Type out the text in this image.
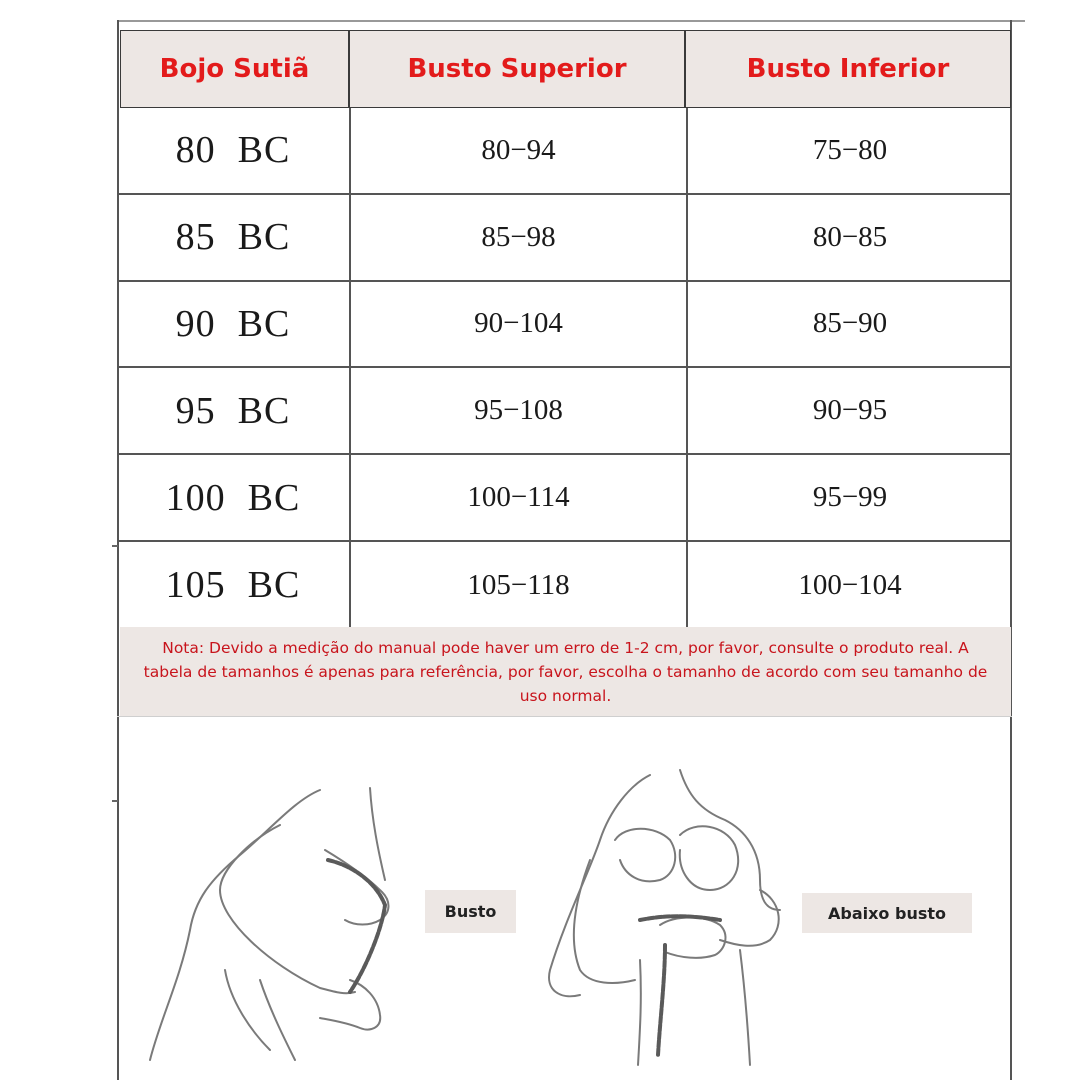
Bojo Sutiã	Busto Superior	Busto Inferior
80 BC	80−94	75−80
85 BC	85−98	80−85
90 BC	90−104	85−90
95 BC	95−108	90−95
100 BC	100−114	95−99
105 BC	105−118	100−104
Nota: Devido a medição do manual pode haver um erro de 1-2 cm, por favor, consulte o produto real. A tabela de tamanhos é apenas para referência, por favor, escolha o tamanho de acordo com seu tamanho de uso normal.
Busto	Abaixo busto
